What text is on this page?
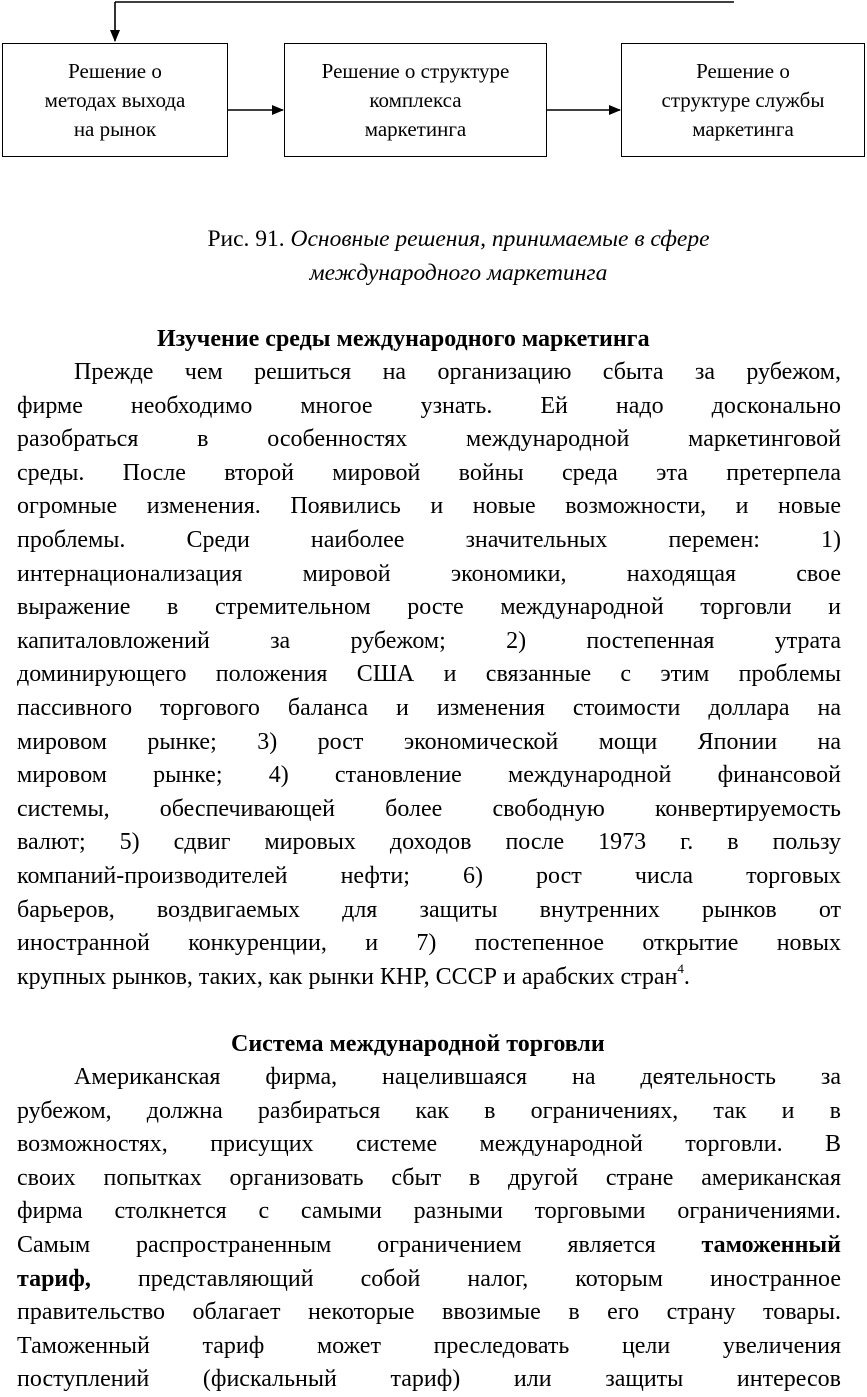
Решение о
методах выхода
на рынок
Решение о структуре
комплекса
маркетинга
Решение о
структуре службы
маркетинга
Рис. 91. Основные решения, принимаемые в сфере
международного маркетинга
Изучение среды международного маркетинга
Прежде чем решиться на организацию сбыта за рубежом,
фирме необходимо многое узнать. Ей надо досконально
разобраться в особенностях международной маркетинговой
среды. После второй мировой войны среда эта претерпела
огромные изменения. Появились и новые возможности, и новые
проблемы. Среди наиболее значительных перемен: 1)
интернационализация мировой экономики, находящая свое
выражение в стремительном росте международной торговли и
капиталовложений за рубежом; 2) постепенная утрата
доминирующего положения США и связанные с этим проблемы
пассивного торгового баланса и изменения стоимости доллара на
мировом рынке; 3) рост экономической мощи Японии на
мировом рынке; 4) становление международной финансовой
системы, обеспечивающей более свободную конвертируемость
валют; 5) сдвиг мировых доходов после 1973 г. в пользу
компаний-производителей нефти; 6) рост числа торговых
барьеров, воздвигаемых для защиты внутренних рынков от
иностранной конкуренции, и 7) постепенное открытие новых
крупных рынков, таких, как рынки КНР, СССР и арабских стран$^4$.
Система международной торговли
Американская фирма, нацелившаяся на деятельность за
рубежом, должна разбираться как в ограничениях, так и в
возможностях, присущих системе международной торговли. В
своих попытках организовать сбыт в другой стране американская
фирма столкнется с самыми разными торговыми ограничениями.
Самым распространенным ограничением является таможенный
тариф, представляющий собой налог, которым иностранное
правительство облагает некоторые ввозимые в его страну товары.
Таможенный тариф может преследовать цели увеличения
поступлений (фискальный тариф) или защиты интересов
